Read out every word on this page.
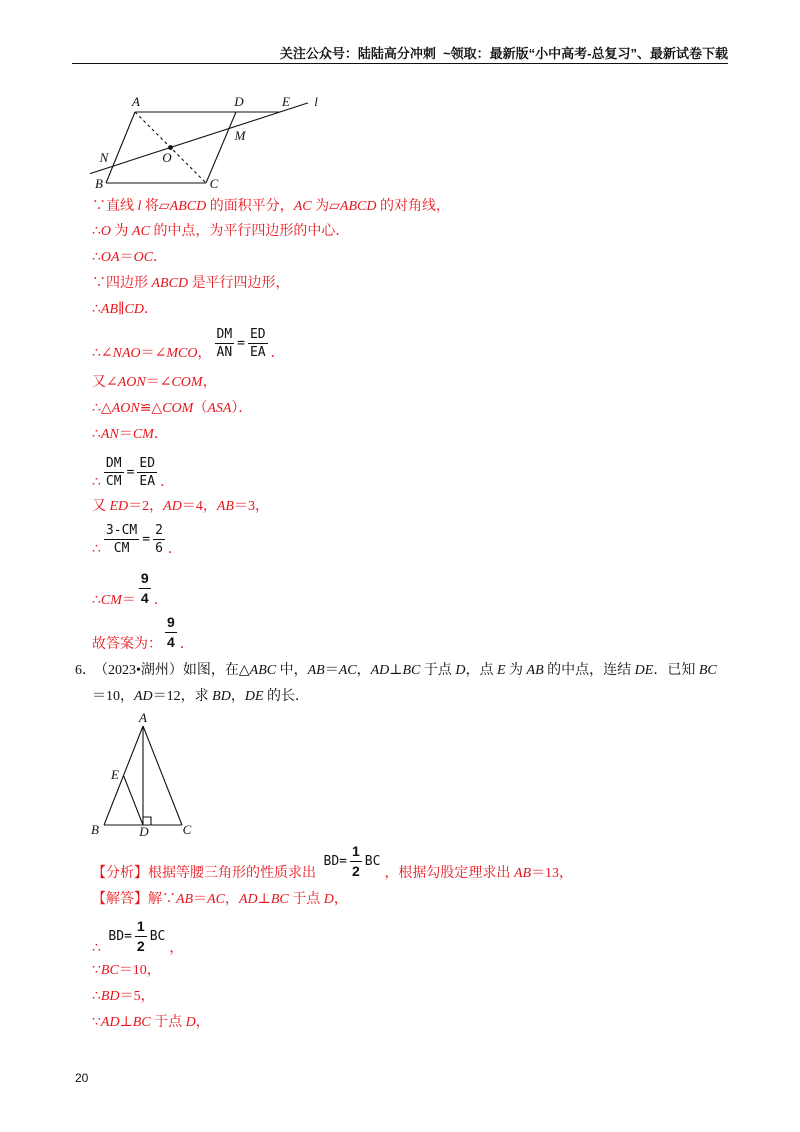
关注公众号：陆陆高分冲刺  ~领取：最新版“小中高考-总复习”、最新试卷下载
A	D	E l
M
N	O
B	C
∵直线 l 将▱ABCD 的面积平分，AC 为▱ABCD 的对角线，
∴O 为 AC 的中点，为平行四边形的中心．
∴OA＝OC．
∵四边形 ABCD 是平行四边形，
∴AB∥CD．
∴∠NAO＝∠MCO， $\frac{DM}{AN} = \frac{ED}{EA}$ ．
又∠AON＝∠COM，
∴△AON≌△COM（ASA）．
∴AN＝CM．
∴ $\frac{DM}{CM} = \frac{ED}{EA}$ ．
又 ED＝2，AD＝4，AB＝3，
∴ $\frac{3-CM}{CM} = \frac{2}{6}$ ．
∴CM＝ $\frac{9}{4}$ ．
故答案为： $\frac{9}{4}$ ．
6．
（2023•湖州）如图，在△ABC 中，AB＝AC，AD⊥BC 于点 D，点 E 为 AB 的中点，连结 DE．已知 BC
＝10，AD＝12，求 BD，DE 的长．
A
E
B	D	C
【分析】根据等腰三角形的性质求出
$BD= \frac{1}{2}$ BC
，根据勾股定理求出 AB＝13，
【解答】解∵AB＝AC，AD⊥BC 于点 D，
∴
$BD= \frac{1}{2}$ BC
，
∵BC＝10，
∴BD＝5，
∵AD⊥BC 于点 D，
20
